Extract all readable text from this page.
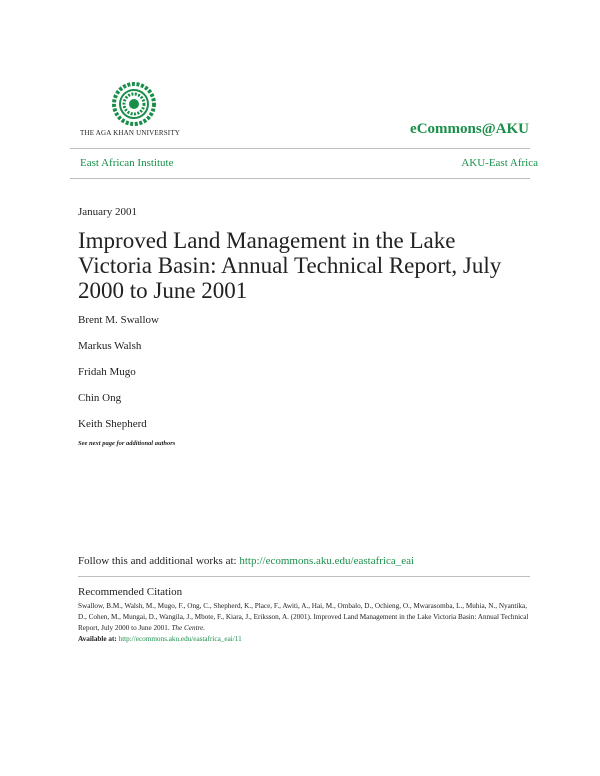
THE AGA KHAN UNIVERSITY	eCommons@AKU
East African Institute	AKU-East Africa
January 2001
Improved Land Management in the Lake Victoria Basin: Annual Technical Report, July 2000 to June 2001
Brent M. Swallow
Markus Walsh
Fridah Mugo
Chin Ong
Keith Shepherd
See next page for additional authors
Follow this and additional works at: http://ecommons.aku.edu/eastafrica_eai
Recommended Citation
Swallow, B.M., Walsh, M., Mugo, F., Ong, C., Shepherd, K., Place, F., Awiti, A., Hai, M., Ombalo, D., Ochieng, O., Mwarasomba, L., Muhia, N., Nyantika, D., Cohen, M., Mungai, D., Wangila, J., Mbote, F., Kiara, J., Eriksson, A. (2001). Improved Land Management in the Lake Victoria Basin: Annual Technical Report, July 2000 to June 2001. The Centre.
Available at: http://ecommons.aku.edu/eastafrica_eai/11
